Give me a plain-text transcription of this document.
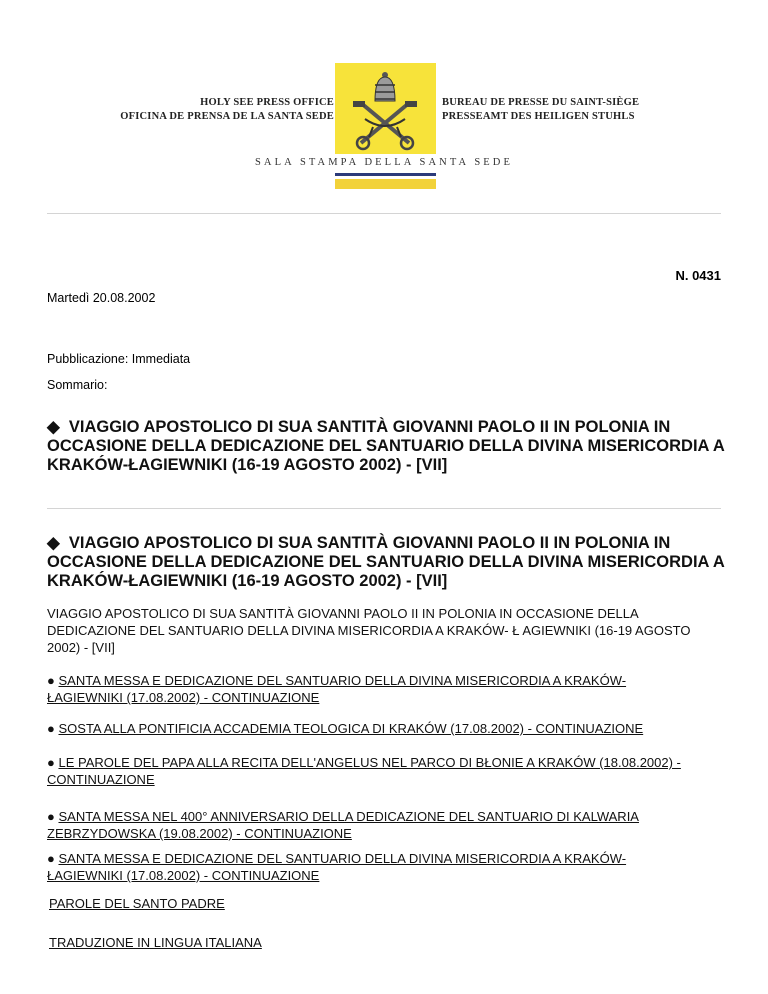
HOLY SEE PRESS OFFICE
OFICINA DE PRENSA DE LA SANTA SEDE
BUREAU DE PRESSE DU SAINT-SIÈGE
PRESSEAMT DES HEILIGEN STUHLS
SALA STAMPA DELLA SANTA SEDE
N. 0431
Martedì 20.08.2002
Pubblicazione: Immediata
Sommario:
◆ VIAGGIO APOSTOLICO DI SUA SANTITÀ GIOVANNI PAOLO II IN POLONIA IN OCCASIONE DELLA DEDICAZIONE DEL SANTUARIO DELLA DIVINA MISERICORDIA A KRAKÓW-ŁAGIEWNIKI (16-19 AGOSTO 2002) - [VII]
◆ VIAGGIO APOSTOLICO DI SUA SANTITÀ GIOVANNI PAOLO II IN POLONIA IN OCCASIONE DELLA DEDICAZIONE DEL SANTUARIO DELLA DIVINA MISERICORDIA A KRAKÓW-ŁAGIEWNIKI (16-19 AGOSTO 2002) - [VII]
VIAGGIO APOSTOLICO DI SUA SANTITÀ GIOVANNI PAOLO II IN POLONIA IN OCCASIONE DELLA DEDICAZIONE DEL SANTUARIO DELLA DIVINA MISERICORDIA A KRAKÓW- Ł AGIEWNIKI (16-19 AGOSTO 2002) - [VII]
● SANTA MESSA E DEDICAZIONE DEL SANTUARIO DELLA DIVINA MISERICORDIA A KRAKÓW-ŁAGIEWNIKI (17.08.2002) - CONTINUAZIONE
● SOSTA ALLA PONTIFICIA ACCADEMIA TEOLOGICA DI KRAKÓW (17.08.2002) - CONTINUAZIONE
● LE PAROLE DEL PAPA ALLA RECITA DELL'ANGELUS NEL PARCO DI BŁONIE A KRAKÓW (18.08.2002) - CONTINUAZIONE
● SANTA MESSA NEL 400° ANNIVERSARIO DELLA DEDICAZIONE DEL SANTUARIO DI KALWARIA ZEBRZYDOWSKA (19.08.2002) - CONTINUAZIONE
● SANTA MESSA E DEDICAZIONE DEL SANTUARIO DELLA DIVINA MISERICORDIA A KRAKÓW-ŁAGIEWNIKI (17.08.2002) - CONTINUAZIONE
PAROLE DEL SANTO PADRE
TRADUZIONE IN LINGUA ITALIANA
